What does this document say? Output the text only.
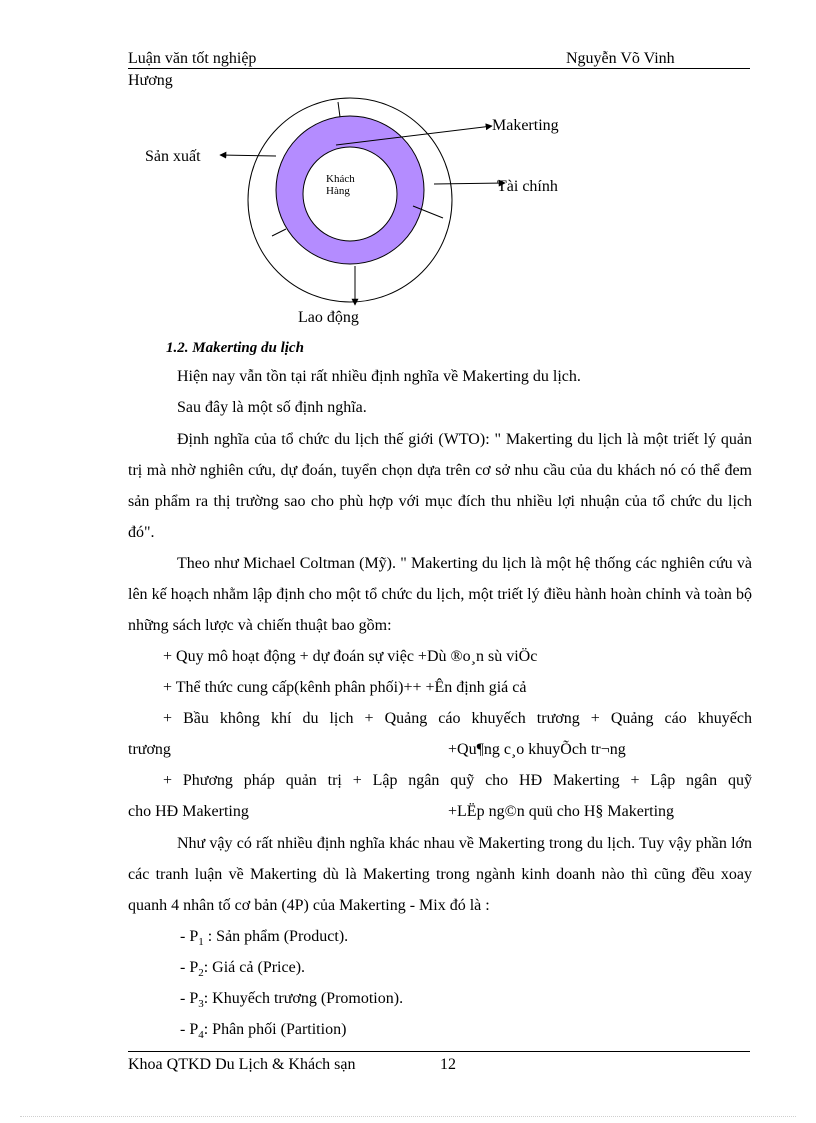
Luận văn tốt nghiệp	Nguyễn Võ Vinh
Hương
Khách
Hàng
Makerting
Sản xuất
Tài chính
Lao động
1.2. Makerting du lịch
Hiện nay vẫn tồn tại rất nhiều định nghĩa về Makerting du lịch.
Sau đây là một số định nghĩa.

Định nghĩa của tổ chức du lịch thế giới (WTO): " Makerting du lịch là một triết lý quản trị mà nhờ nghiên cứu, dự đoán, tuyển chọn dựa trên cơ sở nhu cầu của du khách nó có thể đem sản phẩm ra thị trường sao cho phù hợp với mục đích thu nhiều lợi nhuận của tổ chức du lịch đó".

Theo như Michael Coltman (Mỹ). " Makerting du lịch là một hệ thống các nghiên cứu và lên kế hoạch nhằm lập định cho một tổ chức du lịch, một triết lý điều hành hoàn chỉnh và toàn bộ những sách lược và chiến thuật bao gồm:

+ Quy mô hoạt động + dự đoán sự việc +Dù ®o¸n sù viÖc
+ Thể thức cung cấp(kênh phân phối)++ +Ên định giá cả
+ Bầu không khí du lịch + Quảng cáo khuyếch trương + Quảng cáo khuyếch
trương	+Qu¶ng c¸o khuyÕch tr¬ng
+ Phương pháp quản trị + Lập ngân quỹ cho HĐ Makerting + Lập ngân quỹ
cho HĐ Makerting	+LËp ng©n quü cho H§ Makerting

Như vậy có rất nhiều định nghĩa khác nhau về Makerting trong du lịch. Tuy vậy phần lớn các tranh luận về Makerting dù là Makerting trong ngành kinh doanh nào thì cũng đều xoay quanh 4 nhân tố cơ bản (4P) của Makerting - Mix đó là :

- $P_1$ : Sản phẩm (Product).
- $P_2$: Giá cả (Price).
- $P_3$: Khuyếch trương (Promotion).
- $P_4$: Phân phối (Partition)
Khoa QTKD Du Lịch & Khách sạn	12
